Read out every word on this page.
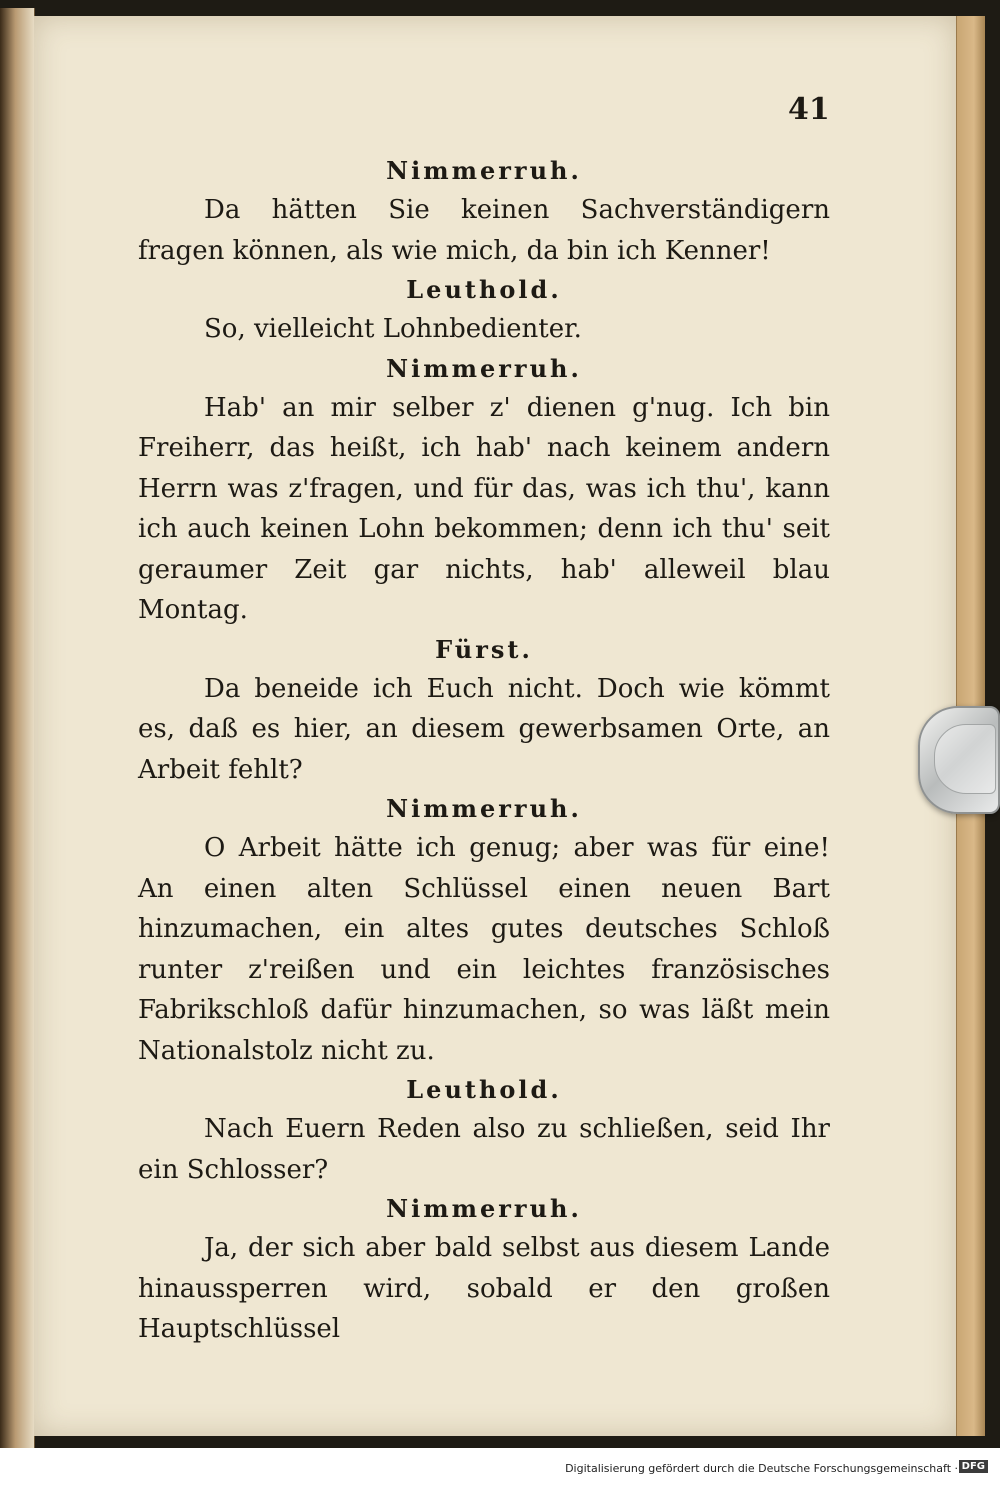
41

Nimmerruh.

Da hätten Sie keinen Sachverständigern fragen können, als wie mich, da bin ich Kenner!

Leuthold.

So, vielleicht Lohnbedienter.

Nimmerruh.

Hab' an mir selber z' dienen g'nug. Ich bin Freiherr, das heißt, ich hab' nach keinem andern Herrn was z'fragen, und für das, was ich thu', kann ich auch keinen Lohn bekommen; denn ich thu' seit geraumer Zeit gar nichts, hab' alleweil blau Montag.

Fürst.

Da beneide ich Euch nicht. Doch wie kömmt es, daß es hier, an diesem gewerbsamen Orte, an Arbeit fehlt?

Nimmerruh.

O Arbeit hätte ich genug; aber was für eine! An einen alten Schlüssel einen neuen Bart hinzumachen, ein altes gutes deutsches Schloß runter z'reißen und ein leichtes französisches Fabrikschloß dafür hinzumachen, so was läßt mein Nationalstolz nicht zu.

Leuthold.

Nach Euern Reden also zu schließen, seid Ihr ein Schlosser?

Nimmerruh.

Ja, der sich aber bald selbst aus diesem Lande hinaussperren wird, sobald er den großen Hauptschlüssel

Digitalisierung gefördert durch die Deutsche Forschungsgemeinschaft · DFG
